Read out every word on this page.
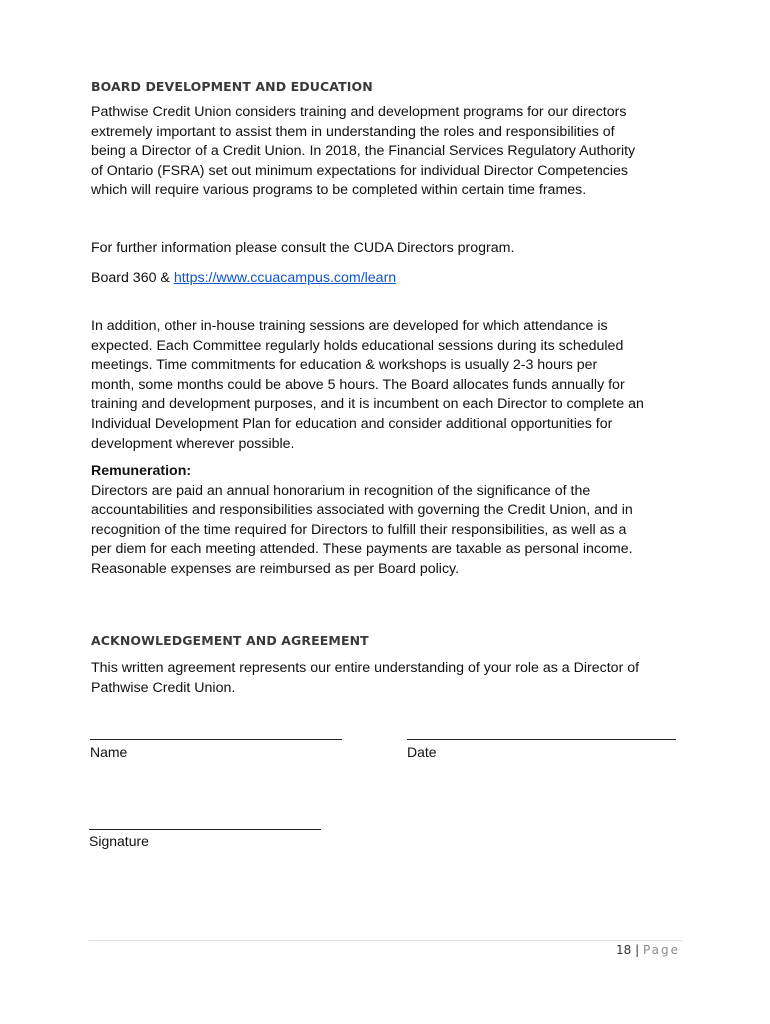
BOARD DEVELOPMENT AND EDUCATION
Pathwise Credit Union considers training and development programs for our directors
extremely important to assist them in understanding the roles and responsibilities of
being a Director of a Credit Union. In 2018, the Financial Services Regulatory Authority
of Ontario (FSRA) set out minimum expectations for individual Director Competencies
which will require various programs to be completed within certain time frames.
For further information please consult the CUDA Directors program.
Board 360 & https://www.ccuacampus.com/learn
In addition, other in-house training sessions are developed for which attendance is
expected. Each Committee regularly holds educational sessions during its scheduled
meetings. Time commitments for education & workshops is usually 2-3 hours per
month, some months could be above 5 hours. The Board allocates funds annually for
training and development purposes, and it is incumbent on each Director to complete an
Individual Development Plan for education and consider additional opportunities for
development wherever possible.
Remuneration:
Directors are paid an annual honorarium in recognition of the significance of the
accountabilities and responsibilities associated with governing the Credit Union, and in
recognition of the time required for Directors to fulfill their responsibilities, as well as a
per diem for each meeting attended. These payments are taxable as personal income.
Reasonable expenses are reimbursed as per Board policy.
ACKNOWLEDGEMENT AND AGREEMENT
This written agreement represents our entire understanding of your role as a Director of
Pathwise Credit Union.
Name	Date
Signature
18 | Page
